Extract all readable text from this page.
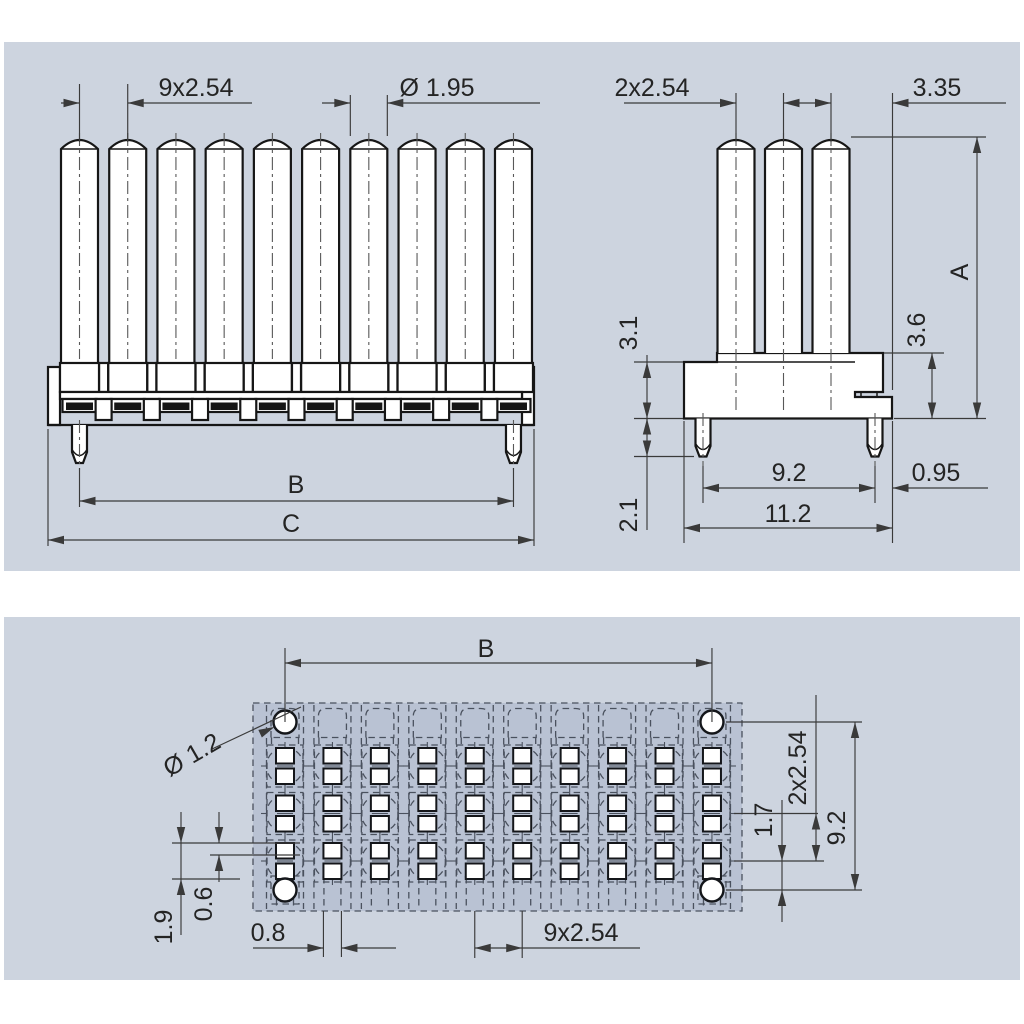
9x2.54	Ø 1.95
B
C
2x2.54	3.35
A
3.6
3.1
2.1
9.2	0.95
11.2
B
Ø 1.2	2x2.54
9.2
1.7
1.9
0.6
0.8	9x2.54
